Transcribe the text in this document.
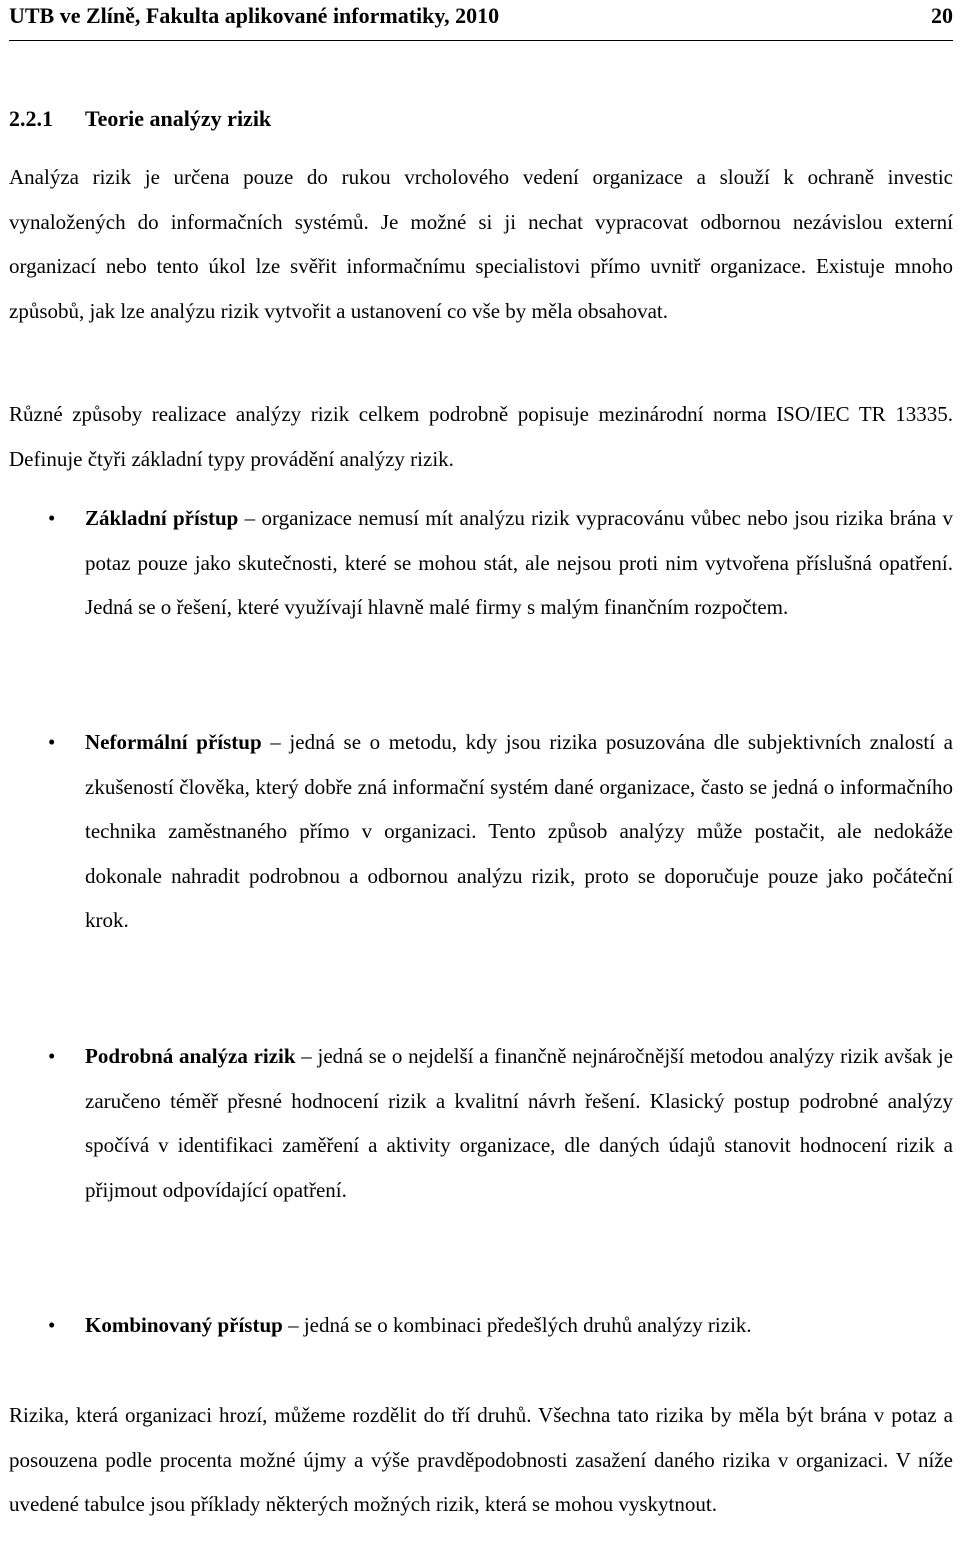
UTB ve Zlíně, Fakulta aplikované informatiky, 2010	20
2.2.1 Teorie analýzy rizik
Analýza rizik je určena pouze do rukou vrcholového vedení organizace a slouží k ochraně investic vynaložených do informačních systémů. Je možné si ji nechat vypracovat odbornou nezávislou externí organizací nebo tento úkol lze svěřit informačnímu specialistovi přímo uvnitř organizace. Existuje mnoho způsobů, jak lze analýzu rizik vytvořit a ustanovení co vše by měla obsahovat.
Různé způsoby realizace analýzy rizik celkem podrobně popisuje mezinárodní norma ISO/IEC TR 13335. Definuje čtyři základní typy provádění analýzy rizik.
• Základní přístup – organizace nemusí mít analýzu rizik vypracovánu vůbec nebo jsou rizika brána v potaz pouze jako skutečnosti, které se mohou stát, ale nejsou proti nim vytvořena příslušná opatření. Jedná se o řešení, které využívají hlavně malé firmy s malým finančním rozpočtem.
• Neformální přístup – jedná se o metodu, kdy jsou rizika posuzována dle subjektivních znalostí a zkušeností člověka, který dobře zná informační systém dané organizace, často se jedná o informačního technika zaměstnaného přímo v organizaci. Tento způsob analýzy může postačit, ale nedokáže dokonale nahradit podrobnou a odbornou analýzu rizik, proto se doporučuje pouze jako počáteční krok.
• Podrobná analýza rizik – jedná se o nejdelší a finančně nejnáročnější metodou analýzy rizik avšak je zaručeno téměř přesné hodnocení rizik a kvalitní návrh řešení. Klasický postup podrobné analýzy spočívá v identifikaci zaměření a aktivity organizace, dle daných údajů stanovit hodnocení rizik a přijmout odpovídající opatření.
• Kombinovaný přístup – jedná se o kombinaci předešlých druhů analýzy rizik.
Rizika, která organizaci hrozí, můžeme rozdělit do tří druhů. Všechna tato rizika by měla být brána v potaz a posouzena podle procenta možné újmy a výše pravděpodobnosti zasažení daného rizika v organizaci. V níže uvedené tabulce jsou příklady některých možných rizik, která se mohou vyskytnout.
